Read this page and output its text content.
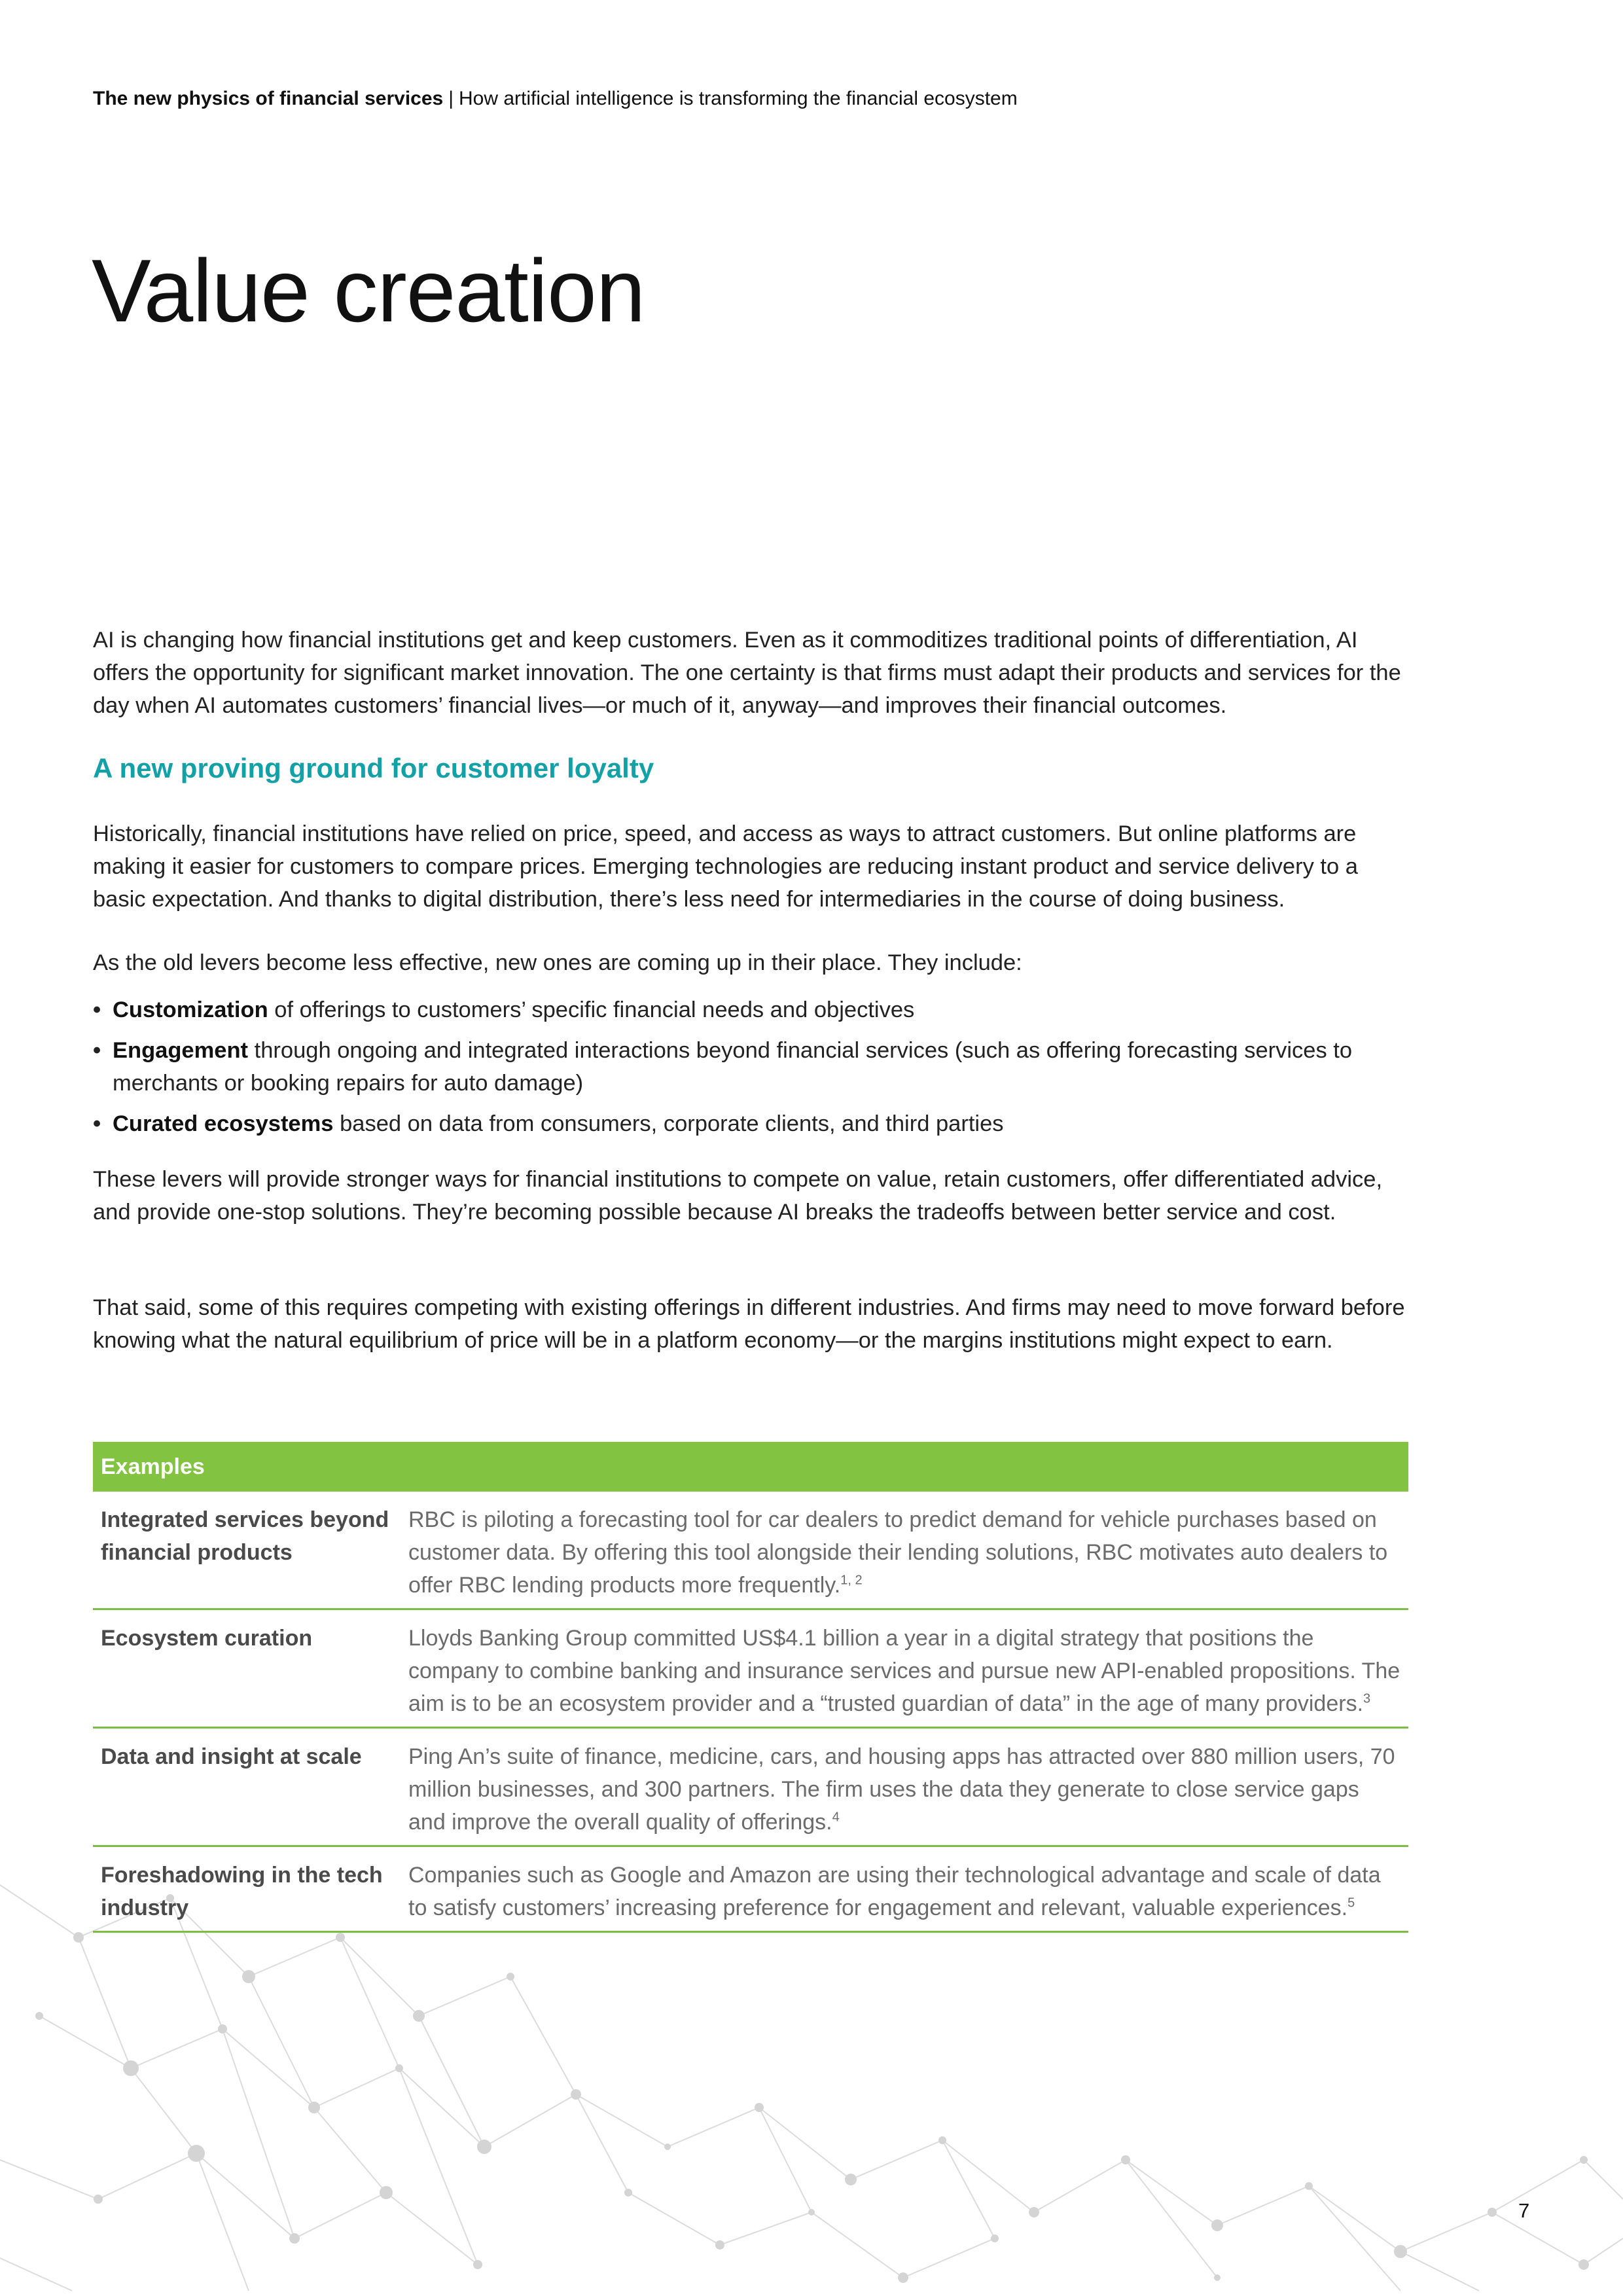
The new physics of financial services | How artificial intelligence is transforming the financial ecosystem
Value creation

AI is changing how financial institutions get and keep customers. Even as it commoditizes traditional points of differentiation, AI offers the opportunity for significant market innovation. The one certainty is that firms must adapt their products and services for the day when AI automates customers’ financial lives—or much of it, anyway—and improves their financial outcomes.

A new proving ground for customer loyalty

Historically, financial institutions have relied on price, speed, and access as ways to attract customers. But online platforms are making it easier for customers to compare prices. Emerging technologies are reducing instant product and service delivery to a basic expectation. And thanks to digital distribution, there’s less need for intermediaries in the course of doing business.

As the old levers become less effective, new ones are coming up in their place. They include:

• Customization of offerings to customers’ specific financial needs and objectives
• Engagement through ongoing and integrated interactions beyond financial services (such as offering forecasting services to merchants or booking repairs for auto damage)
• Curated ecosystems based on data from consumers, corporate clients, and third parties

These levers will provide stronger ways for financial institutions to compete on value, retain customers, offer differentiated advice, and provide one-stop solutions. They’re becoming possible because AI breaks the tradeoffs between better service and cost.

That said, some of this requires competing with existing offerings in different industries. And firms may need to move forward before knowing what the natural equilibrium of price will be in a platform economy—or the margins institutions might expect to earn.

Examples
Integrated services beyond financial products
RBC is piloting a forecasting tool for car dealers to predict demand for vehicle purchases based on customer data. By offering this tool alongside their lending solutions, RBC motivates auto dealers to offer RBC lending products more frequently.$^{1, 2}$
Ecosystem curation	Lloyds Banking Group committed US$4.1 billion a year in a digital strategy that positions the company to combine banking and insurance services and pursue new API-enabled propositions. The aim is to be an ecosystem provider and a “trusted guardian of data” in the age of many providers.$^3$
Data and insight at scale	Ping An’s suite of finance, medicine, cars, and housing apps has attracted over 880 million users, 70 million businesses, and 300 partners. The firm uses the data they generate to close service gaps and improve the overall quality of offerings.$^4$
Foreshadowing in the tech industry
Companies such as Google and Amazon are using their technological advantage and scale of data to satisfy customers’ increasing preference for engagement and relevant, valuable experiences.$^5$
7
